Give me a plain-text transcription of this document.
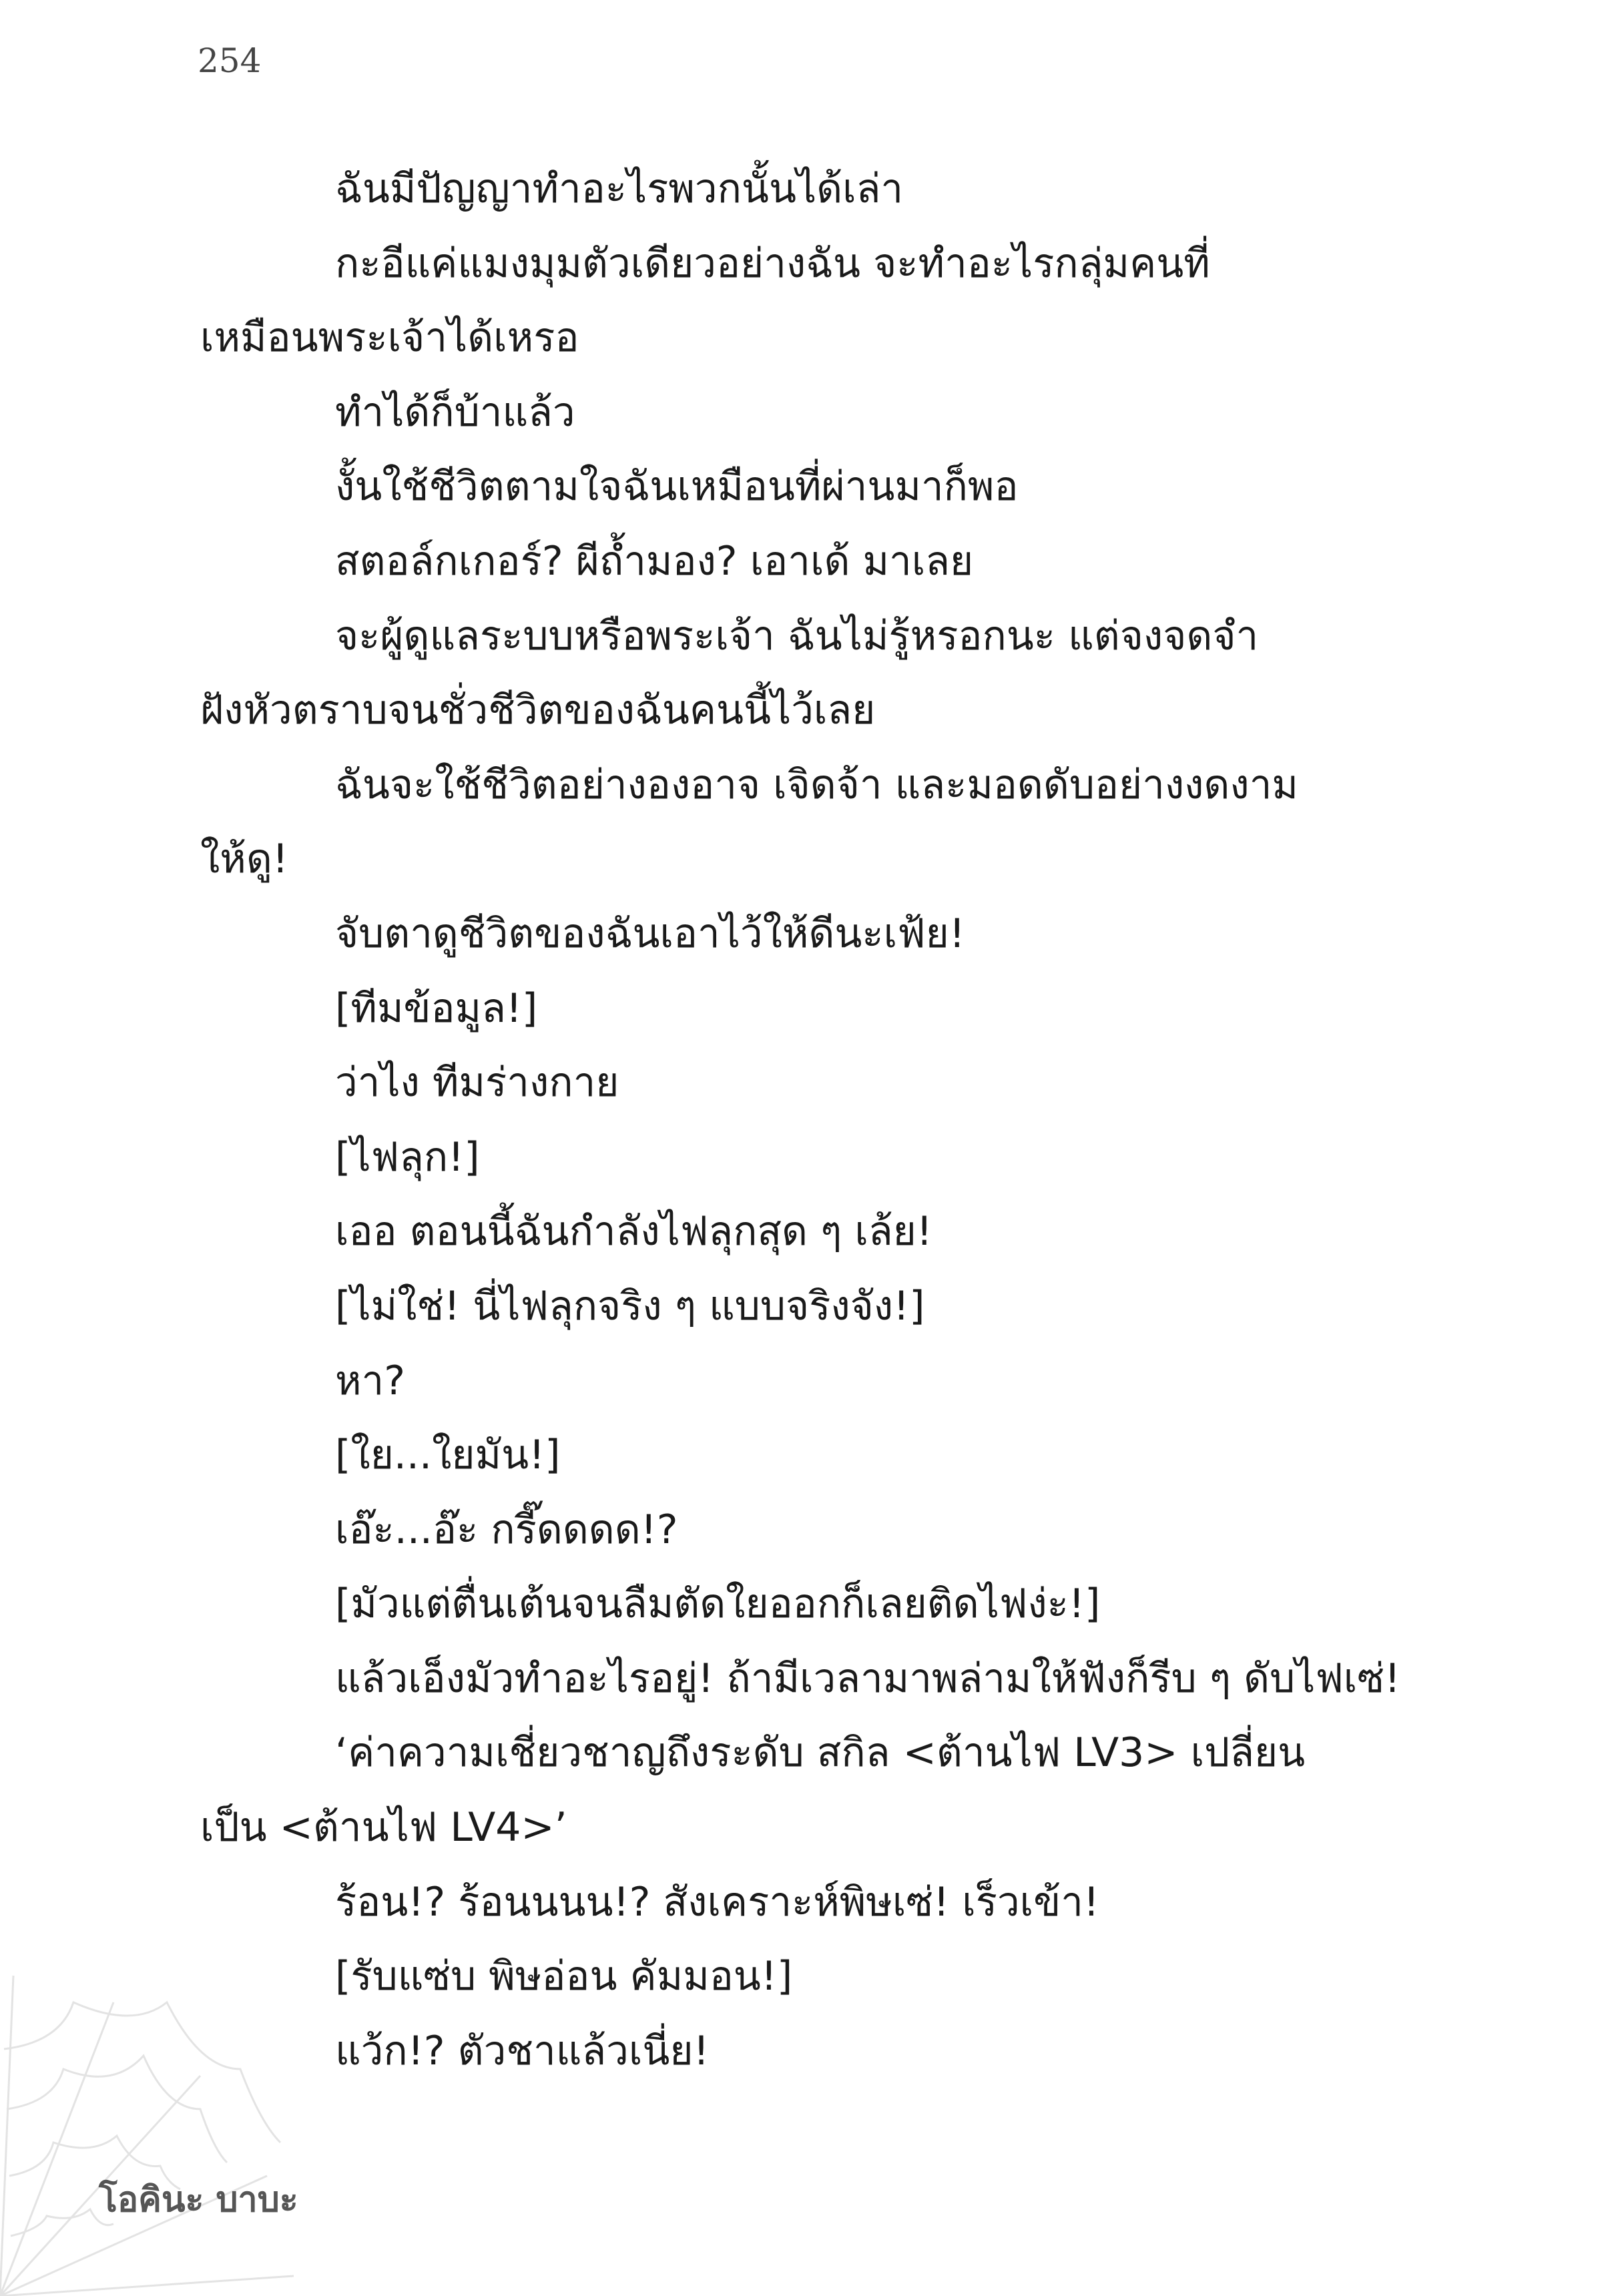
254

ฉันมีปัญญาทำอะไรพวกนั้นได้เล่า

กะอีแค่แมงมุมตัวเดียวอย่างฉัน จะทำอะไรกลุ่มคนที่

เหมือนพระเจ้าได้เหรอ

ทำได้ก็บ้าแล้ว

งั้นใช้ชีวิตตามใจฉันเหมือนที่ผ่านมาก็พอ

สตอล์กเกอร์? ผีถ้ำมอง? เอาเด้ มาเลย

จะผู้ดูแลระบบหรือพระเจ้า ฉันไม่รู้หรอกนะ แต่จงจดจำ

ฝังหัวตราบจนชั่วชีวิตของฉันคนนี้ไว้เลย

ฉันจะใช้ชีวิตอย่างองอาจ เจิดจ้า และมอดดับอย่างงดงาม

ให้ดู!

จับตาดูชีวิตของฉันเอาไว้ให้ดีนะเฟ้ย!

[ทีมข้อมูล!]

ว่าไง ทีมร่างกาย

[ไฟลุก!]

เออ ตอนนี้ฉันกำลังไฟลุกสุด ๆ เล้ย!

[ไม่ใช่! นี่ไฟลุกจริง ๆ แบบจริงจัง!]

หา?

[ใย...ใยมัน!]

เอ๊ะ...อ๊ะ กรี๊ดดดด!?

[มัวแต่ตื่นเต้นจนลืมตัดใยออกก็เลยติดไฟง่ะ!]

แล้วเอ็งมัวทำอะไรอยู่! ถ้ามีเวลามาพล่ามให้ฟังก็รีบ ๆ ดับไฟเซ่!

‘ค่าความเชี่ยวชาญถึงระดับ สกิล <ต้านไฟ LV3> เปลี่ยน

เป็น <ต้านไฟ LV4>’

ร้อน!? ร้อนนนน!? สังเคราะห์พิษเซ่! เร็วเข้า!

[รับแซ่บ พิษอ่อน คัมมอน!]

แว้ก!? ตัวชาแล้วเนี่ย!

โอคินะ บาบะ
